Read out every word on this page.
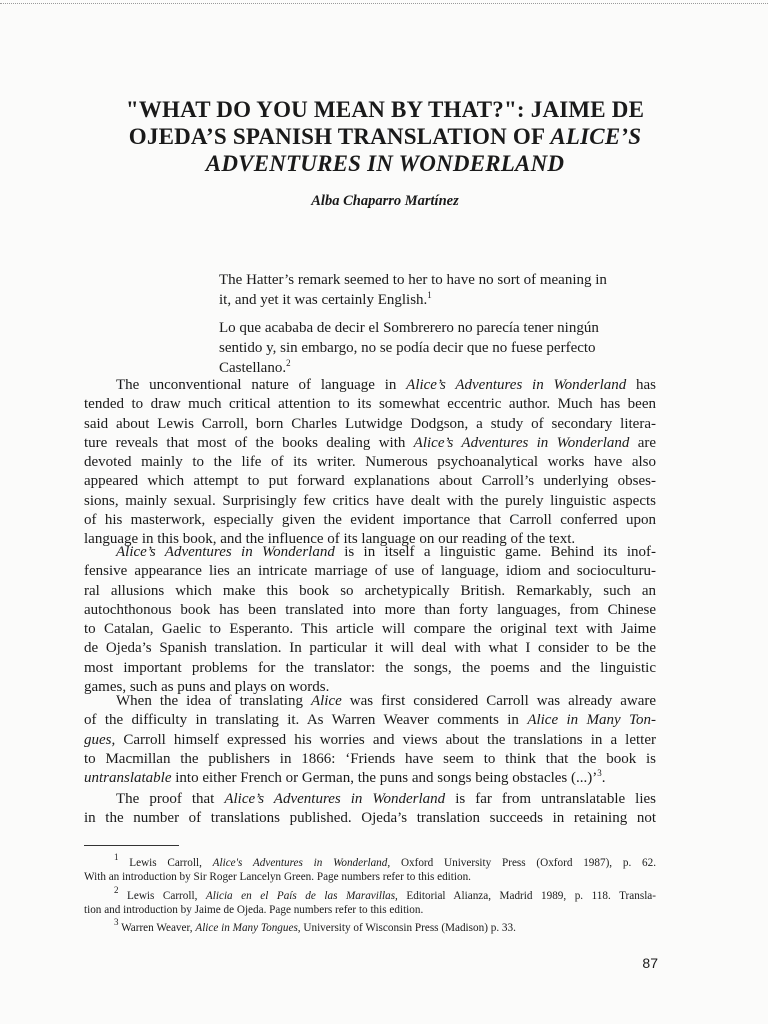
"WHAT DO YOU MEAN BY THAT?": JAIME DE
OJEDA’S SPANISH TRANSLATION OF ALICE’S
ADVENTURES IN WONDERLAND
Alba Chaparro Martínez
The Hatter’s remark seemed to her to have no sort of meaning in
it, and yet it was certainly English.$^1$
Lo que acababa de decir el Sombrerero no parecía tener ningún
sentido y, sin embargo, no se podía decir que no fuese perfecto
Castellano.$^2$
The unconventional nature of language in Alice’s Adventures in Wonderland has
tended to draw much critical attention to its somewhat eccentric author. Much has been
said about Lewis Carroll, born Charles Lutwidge Dodgson, a study of secondary litera-
ture reveals that most of the books dealing with Alice’s Adventures in Wonderland are
devoted mainly to the life of its writer. Numerous psychoanalytical works have also
appeared which attempt to put forward explanations about Carroll’s underlying obses-
sions, mainly sexual. Surprisingly few critics have dealt with the purely linguistic aspects
of his masterwork, especially given the evident importance that Carroll conferred upon
language in this book, and the influence of its language on our reading of the text.
Alice’s Adventures in Wonderland is in itself a linguistic game. Behind its inof-
fensive appearance lies an intricate marriage of use of language, idiom and socioculturu-
ral allusions which make this book so archetypically British. Remarkably, such an
autochthonous book has been translated into more than forty languages, from Chinese
to Catalan, Gaelic to Esperanto. This article will compare the original text with Jaime
de Ojeda’s Spanish translation. In particular it will deal with what I consider to be the
most important problems for the translator: the songs, the poems and the linguistic
games, such as puns and plays on words.
When the idea of translating Alice was first considered Carroll was already aware
of the difficulty in translating it. As Warren Weaver comments in Alice in Many Ton-
gues, Carroll himself expressed his worries and views about the translations in a letter
to Macmillan the publishers in 1866: ‘Friends have seem to think that the book is
untranslatable into either French or German, the puns and songs being obstacles (...)’$^3$.
The proof that Alice’s Adventures in Wonderland is far from untranslatable lies
in the number of translations published. Ojeda’s translation succeeds in retaining not
$^1$ Lewis Carroll, Alice's Adventures in Wonderland, Oxford University Press (Oxford 1987), p. 62.
With an introduction by Sir Roger Lancelyn Green. Page numbers refer to this edition.
$^2$ Lewis Carroll, Alicia en el País de las Maravillas, Editorial Alianza, Madrid 1989, p. 118. Transla-
tion and introduction by Jaime de Ojeda. Page numbers refer to this edition.
$^3$ Warren Weaver, Alice in Many Tongues, University of Wisconsin Press (Madison) p. 33.
87
